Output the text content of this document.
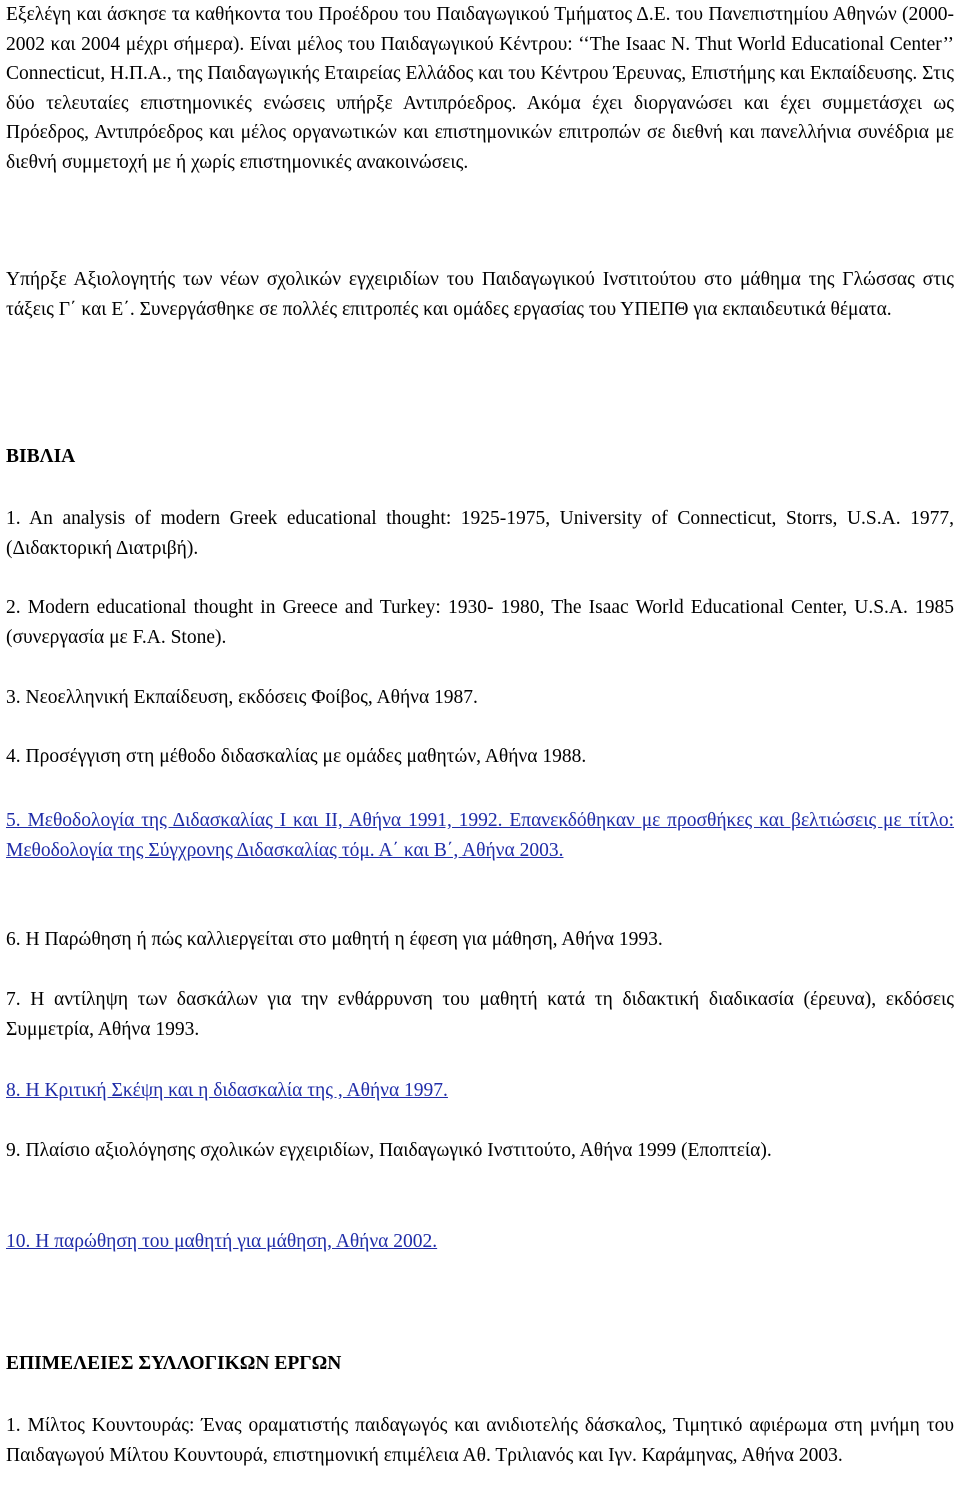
Εξελέγη και άσκησε τα καθήκοντα του Προέδρου του Παιδαγωγικού Τμήματος Δ.Ε. του Πανεπιστημίου Αθηνών (2000-2002 και 2004 μέχρι σήμερα). Είναι μέλος του Παιδαγωγικού Κέντρου: ‘‘The Isaac N. Thut World Educational Center’’ Connecticut, H.Π.A., της Παιδαγωγικής Εταιρείας Ελλάδος και του Κέντρου Έρευνας, Επιστήμης και Εκπαίδευσης. Στις δύο τελευταίες επιστημονικές ενώσεις υπήρξε Αντιπρόεδρος. Ακόμα έχει διοργανώσει και έχει συμμετάσχει ως Πρόεδρος, Αντιπρόεδρος και μέλος οργανωτικών και επιστημονικών επιτροπών σε διεθνή και πανελλήνια συνέδρια με διεθνή συμμετοχή με ή χωρίς επιστημονικές ανακοινώσεις.

Υπήρξε Αξιολογητής των νέων σχολικών εγχειριδίων του Παιδαγωγικού Ινστιτούτου στο μάθημα της Γλώσσας στις τάξεις Γ΄ και Ε΄. Συνεργάσθηκε σε πολλές επιτροπές και ομάδες εργασίας του ΥΠΕΠΘ για εκπαιδευτικά θέματα.

ΒΙΒΛΙΑ

1. An analysis of modern Greek educational thought: 1925-1975, University of Connecticut, Storrs, U.S.A. 1977, (Διδακτορική Διατριβή).

2. Modern educational thought in Greece and Turkey: 1930- 1980, The Isaac World Educational Center, U.S.A. 1985 (συνεργασία με F.A. Stone).

3. Νεοελληνική Εκπαίδευση, εκδόσεις Φοίβος, Αθήνα 1987.

4. Προσέγγιση στη μέθοδο διδασκαλίας με ομάδες μαθητών, Αθήνα 1988.

5. Μεθοδολογία της Διδασκαλίας Ι και ΙΙ, Αθήνα 1991, 1992. Επανεκδόθηκαν με προσθήκες και βελτιώσεις με τίτλο: Μεθοδολογία της Σύγχρονης Διδασκαλίας τόμ. Α΄ και Β΄, Αθήνα 2003.

6. Η Παρώθηση ή πώς καλλιεργείται στο μαθητή η έφεση για μάθηση, Αθήνα 1993.

7. Η αντίληψη των δασκάλων για την ενθάρρυνση του μαθητή κατά τη διδακτική διαδικασία (έρευνα), εκδόσεις Συμμετρία, Αθήνα 1993.

8. Η Κριτική Σκέψη και η διδασκαλία της , Αθήνα 1997.

9. Πλαίσιο αξιολόγησης σχολικών εγχειριδίων, Παιδαγωγικό Ινστιτούτο, Αθήνα 1999 (Εποπτεία).

10. Η παρώθηση του μαθητή για μάθηση, Αθήνα 2002.

ΕΠΙΜΕΛΕΙΕΣ ΣΥΛΛΟΓΙΚΩΝ ΕΡΓΩΝ

1. Μίλτος Κουντουράς: Ένας οραματιστής παιδαγωγός και ανιδιοτελής δάσκαλος, Τιμητικό αφιέρωμα στη μνήμη του Παιδαγωγού Μίλτου Κουντουρά, επιστημονική επιμέλεια Αθ. Τριλιανός και Ιγν. Καράμηνας, Αθήνα 2003.
